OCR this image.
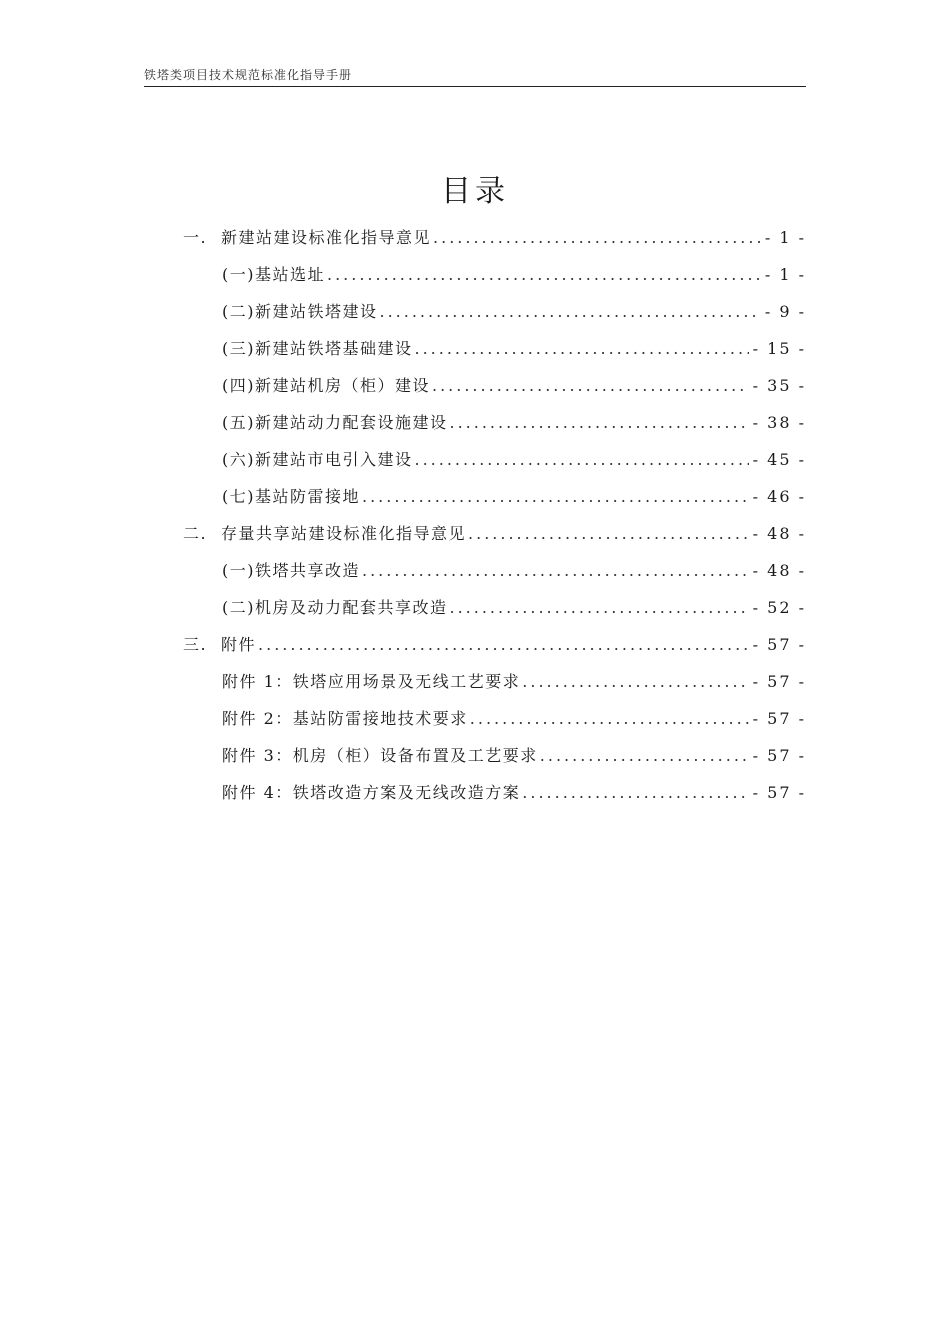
铁塔类项目技术规范标准化指导手册
目录
一. 新建站建设标准化指导意见 .....	- 1 -
(一)基站选址 .....	- 1 -
(二)新建站铁塔建设 .....	- 9 -
(三)新建站铁塔基础建设 .....	- 15 -
(四)新建站机房（柜）建设 .....	- 35 -
(五)新建站动力配套设施建设 .....	- 38 -
(六)新建站市电引入建设 .....	- 45 -
(七)基站防雷接地 .....	- 46 -
二. 存量共享站建设标准化指导意见 .....	- 48 -
(一)铁塔共享改造 .....	- 48 -
(二)机房及动力配套共享改造 .....	- 52 -
三. 附件 .....	- 57 -
附件 1：铁塔应用场景及无线工艺要求 .....	- 57 -
附件 2：基站防雷接地技术要求 .....	- 57 -
附件 3：机房（柜）设备布置及工艺要求 .....	- 57 -
附件 4：铁塔改造方案及无线改造方案 .....	- 57 -
